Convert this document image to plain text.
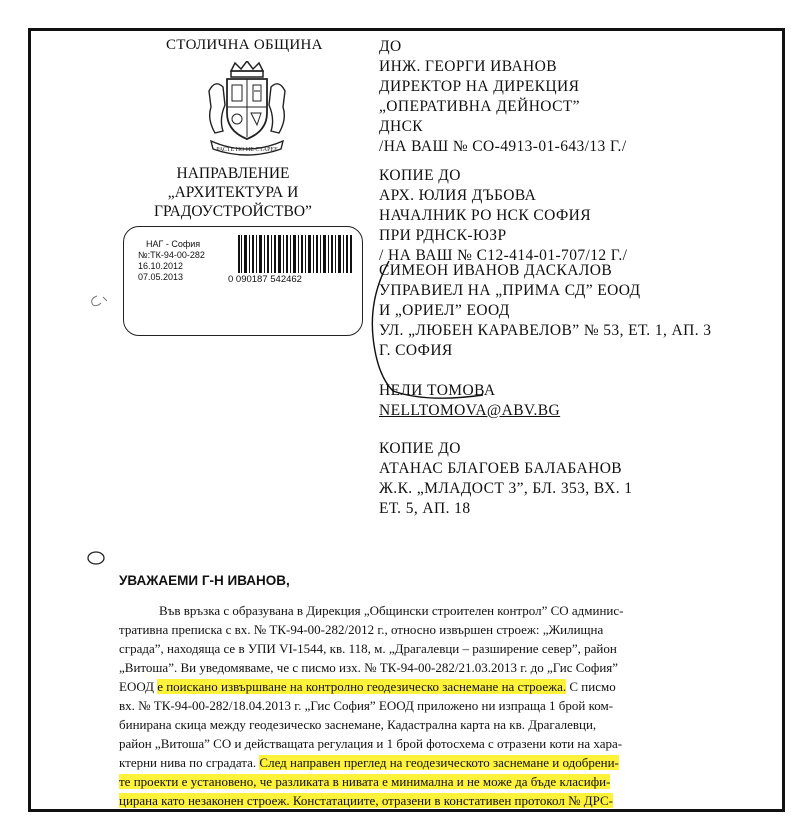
СТОЛИЧНА ОБЩИНА
РАСТЕ НО НЕ СТАРЕЕ
НАПРАВЛЕНИЕ
„АРХИТЕКТУРА И
ГРАДОУСТРОЙСТВО”
НАГ - София
№:ТК-94-00-282
16.10.2012
07.05.2013	0 090187 542462
ДО
ИНЖ. ГЕОРГИ ИВАНОВ
ДИРЕКТОР НА ДИРЕКЦИЯ
„ОПЕРАТИВНА ДЕЙНОСТ”
ДНСК
/НА ВАШ № СО-4913-01-643/13 Г./
КОПИЕ ДО
АРХ. ЮЛИЯ ДЪБОВА
НАЧАЛНИК РО НСК СОФИЯ
ПРИ РДНСК-ЮЗР
/ НА ВАШ № С12-414-01-707/12 Г./
СИМЕОН ИВАНОВ ДАСКАЛОВ
УПРАВИЕЛ НА „ПРИМА СД” ЕООД
И „ОРИЕЛ” ЕООД
УЛ. „ЛЮБЕН КАРАВЕЛОВ” № 53, ЕТ. 1, АП. 3
Г. СОФИЯ
НЕЛИ ТОМОВА
NELLTOMOVA@ABV.BG
КОПИЕ ДО
АТАНАС БЛАГОЕВ БАЛАБАНОВ
Ж.К. „МЛАДОСТ 3”, БЛ. 353, ВХ. 1
ЕТ. 5, АП. 18
УВАЖАЕМИ Г-Н ИВАНОВ,
Във връзка с образувана в Дирекция „Общински строителен контрол” СО админис-
тративна преписка с вх. № ТК-94-00-282/2012 г., относно извършен строеж: „Жилищна
сграда”, находяща се в УПИ VI-1544, кв. 118, м. „Драгалевци – разширение север”, район
„Витоша”. Ви уведомяваме, че с писмо изх. № ТК-94-00-282/21.03.2013 г. до „Гис София”
ЕООД е поискано извършване на контролно геодезическо заснемане на строежа. С писмо
вх. № ТК-94-00-282/18.04.2013 г. „Гис София” ЕООД приложено ни изпраща 1 брой ком-
бинирана скица между геодезическо заснемане, Кадастрална карта на кв. Драгалевци,
район „Витоша” СО и действащата регулация и 1 брой фотосхема с отразени коти на хара-
ктерни нива по сградата. След направен преглед на геодезическото заснемане и одобрени-
те проекти е установено, че разликата в нивата е минимална и не може да бъде класифи-
цирана като незаконен строеж. Констатациите, отразени в констативен протокол № ДРС-
